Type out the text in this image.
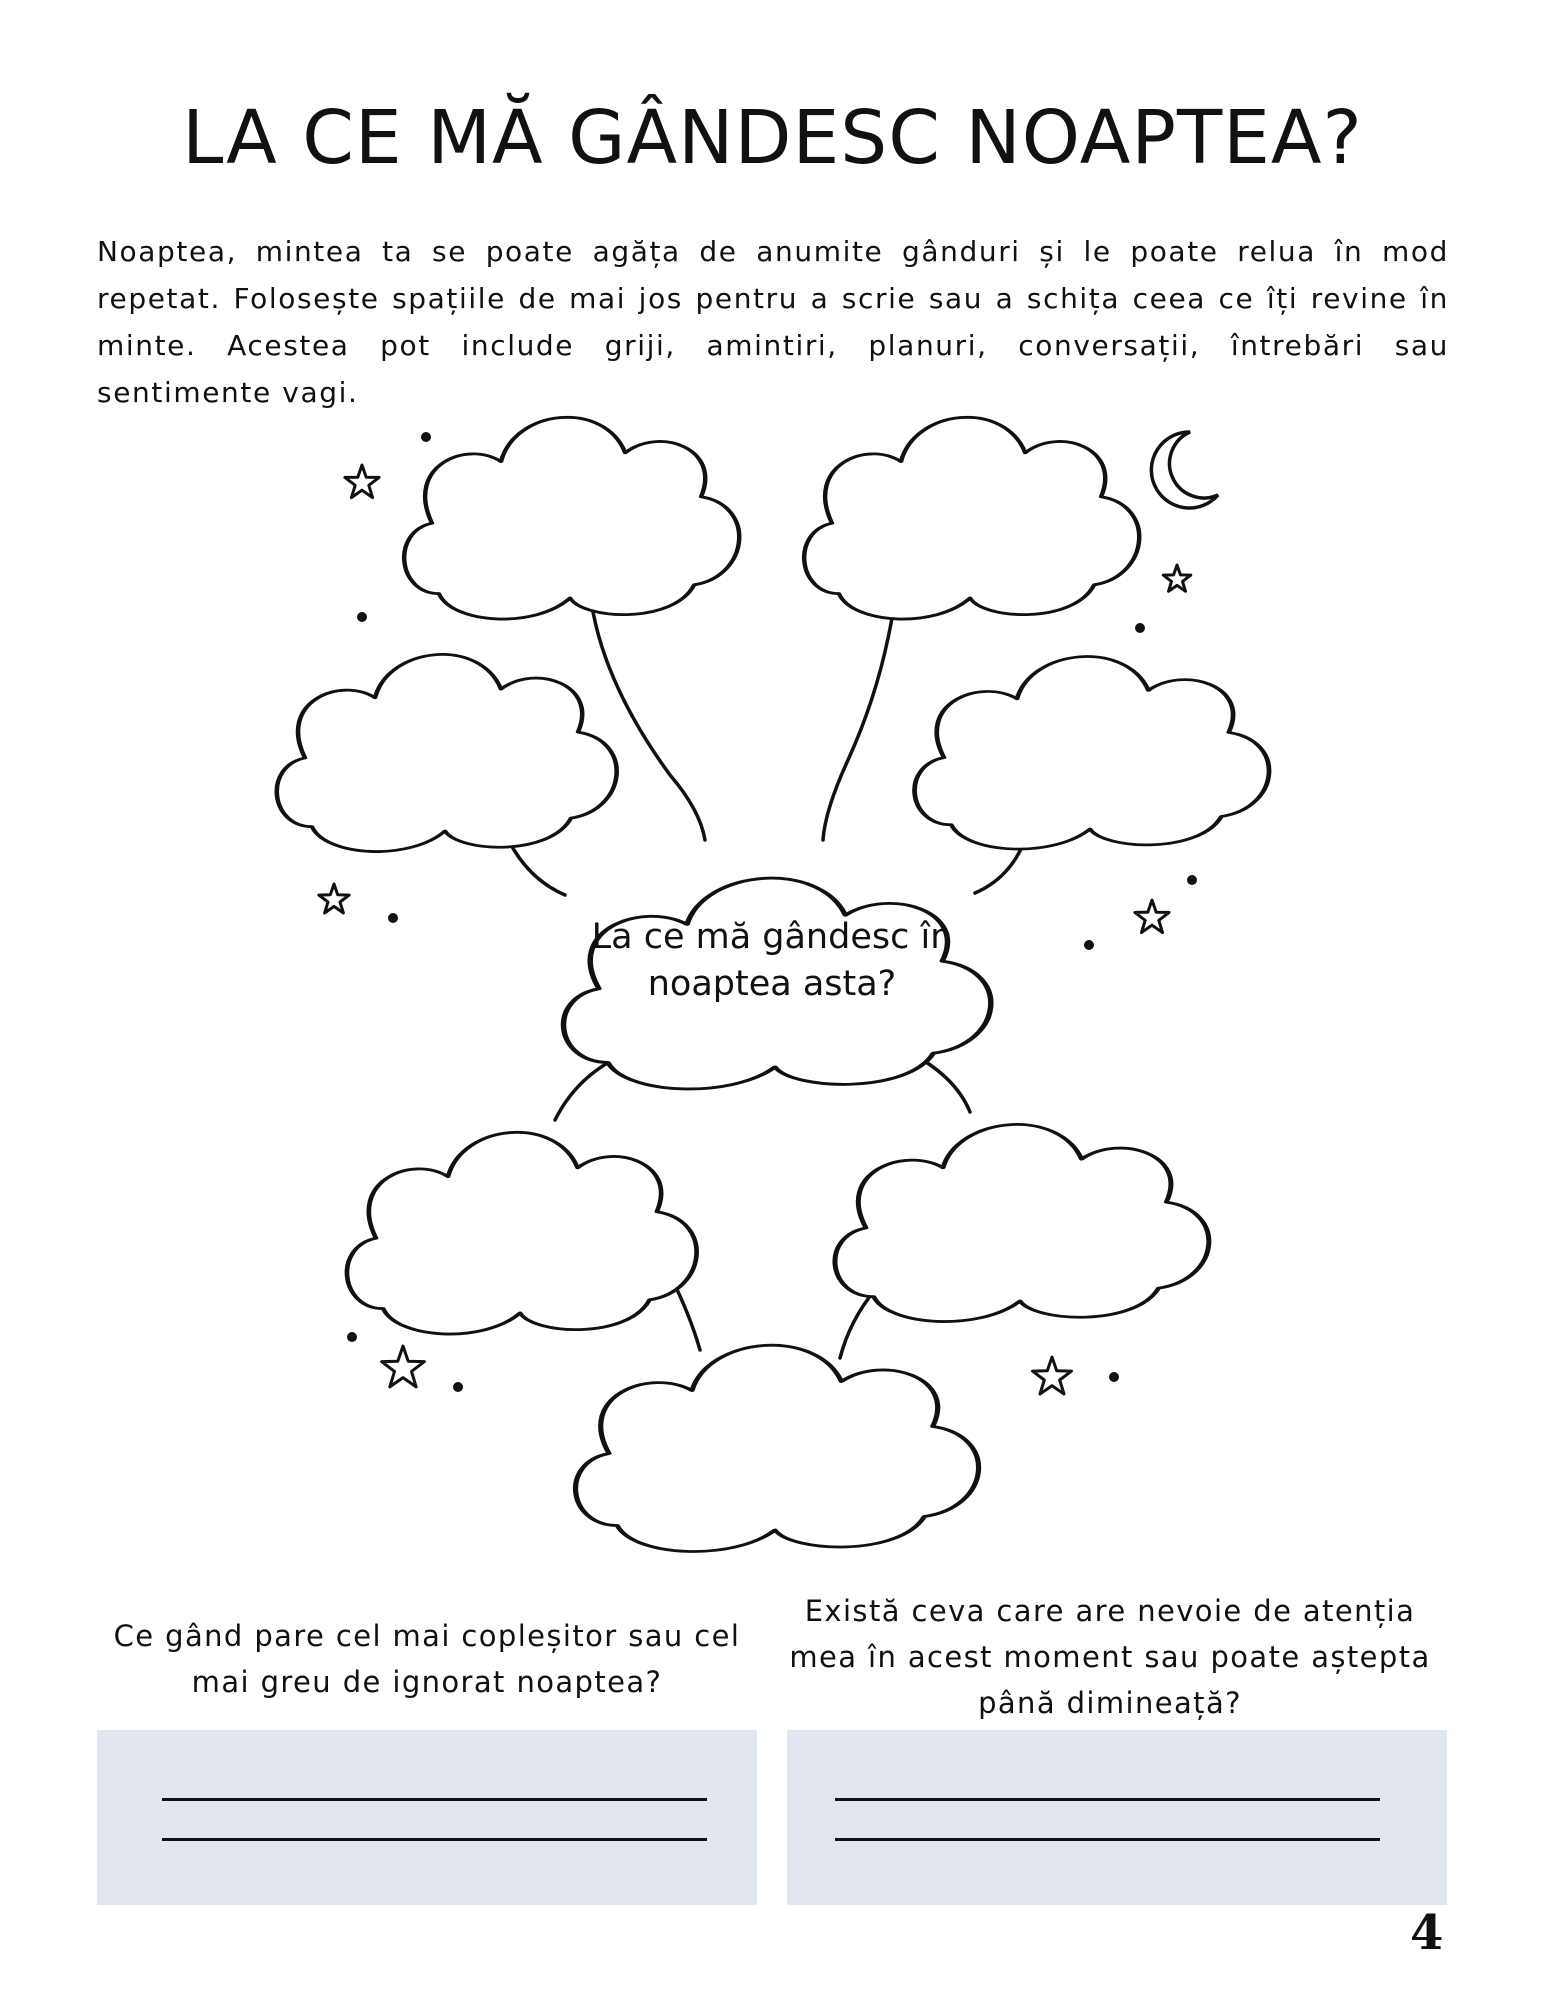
LA CE MĂ GÂNDESC NOAPTEA?

Noaptea, mintea ta se poate agăța de anumite gânduri și le poate relua în mod repetat. Folosește spațiile de mai jos pentru a scrie sau a schița ceea ce îți revine în minte. Acestea pot include griji, amintiri, planuri, conversații, întrebări sau sentimente vagi.

La ce mă gândesc în
noaptea asta?

Ce gând pare cel mai copleșitor sau cel mai greu de ignorat noaptea?

Există ceva care are nevoie de atenția mea în acest moment sau poate aștepta până dimineață?

4
